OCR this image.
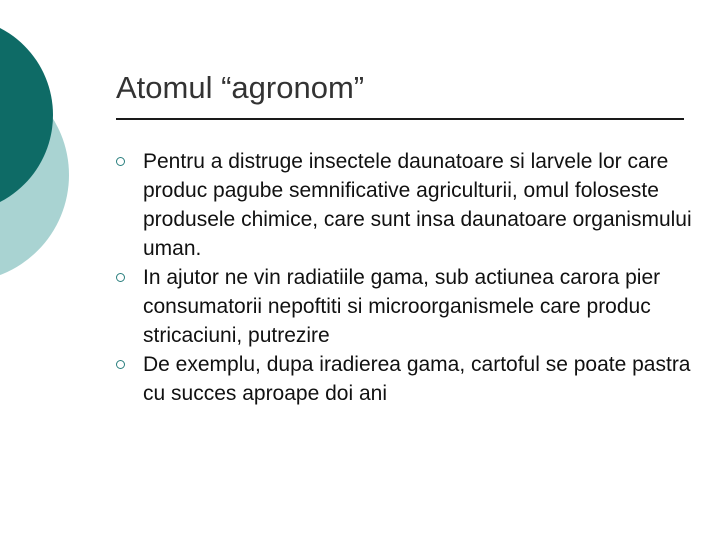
Atomul “agronom”
Pentru a distruge insectele daunatoare si larvele lor care produc pagube semnificative agriculturii, omul foloseste produsele chimice, care sunt insa daunatoare organismului uman.
In ajutor ne vin radiatiile gama, sub actiunea carora pier consumatorii nepoftiti si microorganismele care produc stricaciuni, putrezire
De exemplu, dupa iradierea gama, cartoful se poate pastra cu succes aproape doi ani
